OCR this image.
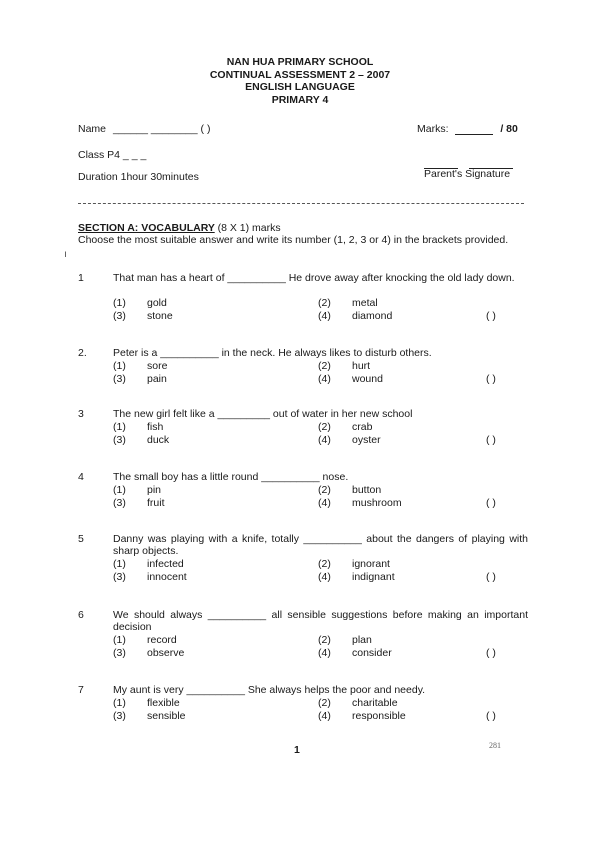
NAN HUA PRIMARY SCHOOL
CONTINUAL ASSESSMENT 2 – 2007
ENGLISH LANGUAGE
PRIMARY 4
Name ______ ________ ( )	Marks:	/ 80
Class P4 _ _ _
Duration 1hour 30minutes
	Parent's Signature
SECTION A: VOCABULARY (8 X 1) marks
Choose the most suitable answer and write its number (1, 2, 3 or 4) in the brackets provided.
ı
1	That man has a heart of __________ He drove away after knocking the old lady down.
(1) gold	(2) metal
(3) stone	(4) diamond	( )
2. Peter is a __________ in the neck. He always likes to disturb others.
(1) sore	(2) hurt
(3) pain	(4) wound	( )
3	The new girl felt like a _________ out of water in her new school
(1) fish	(2) crab
(3) duck	(4) oyster	( )
4	The small boy has a little round __________ nose.
(1) pin	(2) button
(3) fruit	(4) mushroom	( )
5	Danny was playing with a knife, totally __________ about the dangers of playing with sharp objects.
(1) infected	(2) ignorant
(3) innocent	(4) indignant	( )
6	We should always __________ all sensible suggestions before making an important decision
(1) record	(2) plan
(3) observe	(4) consider	( )
7	My aunt is very __________ She always helps the poor and needy.
(1) flexible	(2) charitable
(3) sensible	(4) responsible	( )
1	281
